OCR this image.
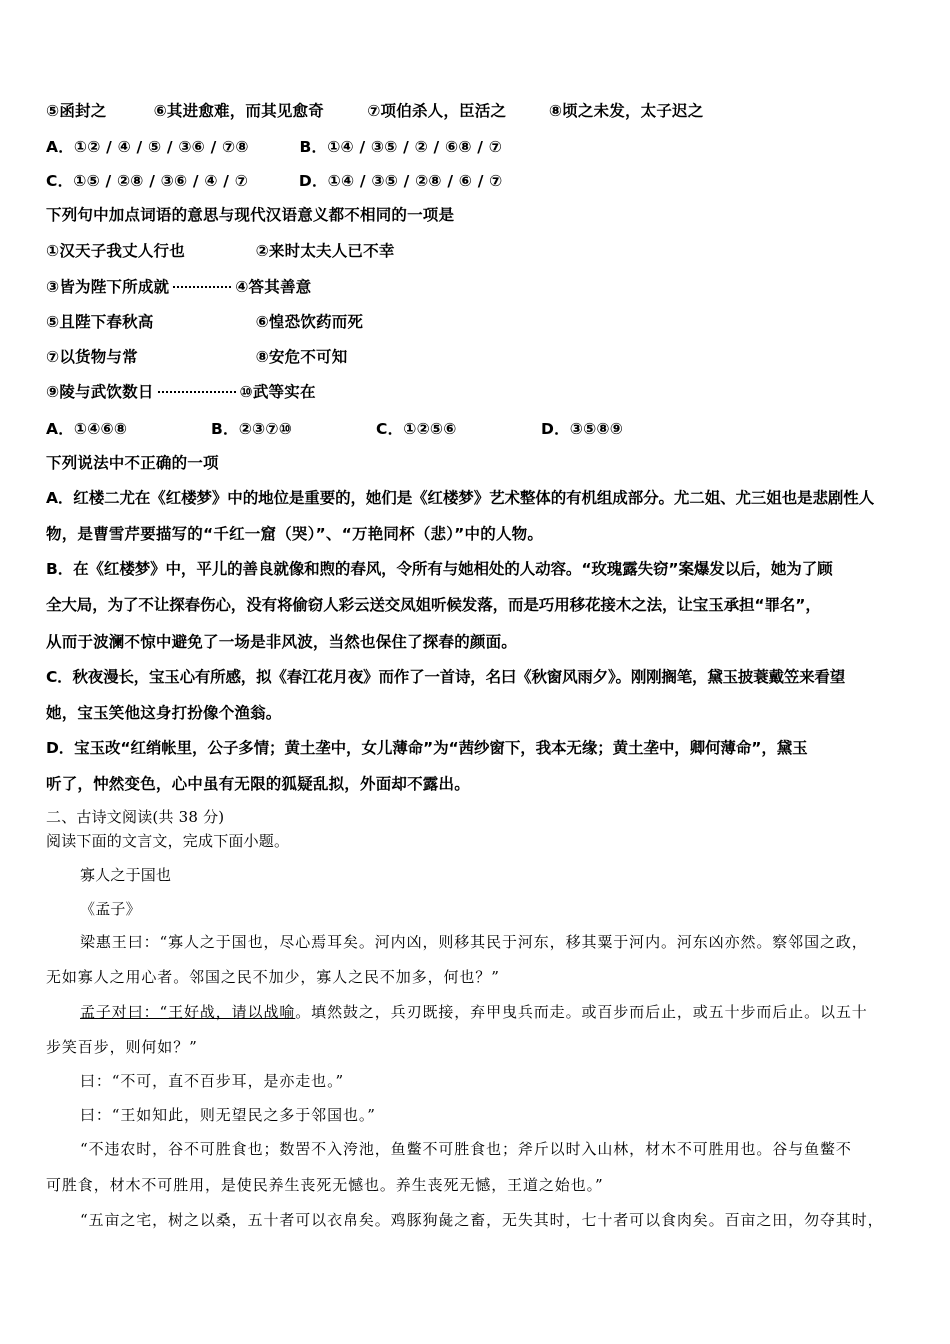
⑤函封之	⑥其进愈难，而其见愈奇	⑦项伯杀人，臣活之	⑧顷之未发，太子迟之
A．①② / ④ / ⑤ / ③⑥ / ⑦⑧	B．①④ / ③⑤ / ② / ⑥⑧ / ⑦
C．①⑤ / ②⑧ / ③⑥ / ④ / ⑦	D．①④ / ③⑤ / ②⑧ / ⑥ / ⑦
下列句中加点词语的意思与现代汉语意义都不相同的一项是
①汉天子我丈人行也	②来时太夫人已不幸
③皆为陛下所成就	④答其善意
⑤且陛下春秋高	⑥惶恐饮药而死
⑦以货物与常	⑧安危不可知
⑨陵与武饮数日	⑩武等实在
A．①④⑥⑧	B．②③⑦⑩	C．①②⑤⑥	D．③⑤⑧⑨
下列说法中不正确的一项
A．红楼二尤在《红楼梦》中的地位是重要的，她们是《红楼梦》艺术整体的有机组成部分。尤二姐、尤三姐也是悲剧性人
物，是曹雪芹要描写的“千红一窟（哭）”、“万艳同杯（悲）”中的人物。
B．在《红楼梦》中，平儿的善良就像和煦的春风，令所有与她相处的人动容。“玫瑰露失窃”案爆发以后，她为了顾
全大局，为了不让探春伤心，没有将偷窃人彩云送交凤姐听候发落，而是巧用移花接木之法，让宝玉承担“罪名”，
从而于波澜不惊中避免了一场是非风波，当然也保住了探春的颜面。
C．秋夜漫长，宝玉心有所感，拟《春江花月夜》而作了一首诗，名曰《秋窗风雨夕》。刚刚搁笔，黛玉披蓑戴笠来看望
她，宝玉笑他这身打扮像个渔翁。
D．宝玉改“红绡帐里，公子多情；黄土垄中，女儿薄命”为“茜纱窗下，我本无缘；黄土垄中，卿何薄命”，黛玉
听了，忡然变色，心中虽有无限的狐疑乱拟，外面却不露出。
二、古诗文阅读(共 38 分)
阅读下面的文言文，完成下面小题。
寡人之于国也
《孟子》
梁惠王曰：“寡人之于国也，尽心焉耳矣。河内凶，则移其民于河东，移其粟于河内。河东凶亦然。察邻国之政，
无如寡人之用心者。邻国之民不加少，寡人之民不加多，何也？”
孟子对曰：“王好战，请以战喻。填然鼓之，兵刃既接，弃甲曳兵而走。或百步而后止，或五十步而后止。以五十
步笑百步，则何如？”
曰：“不可，直不百步耳，是亦走也。”
曰：“王如知此，则无望民之多于邻国也。”
“不违农时，谷不可胜食也；数罟不入洿池，鱼鳖不可胜食也；斧斤以时入山林，材木不可胜用也。谷与鱼鳖不
可胜食，材木不可胜用，是使民养生丧死无憾也。养生丧死无憾，王道之始也。”
“五亩之宅，树之以桑，五十者可以衣帛矣。鸡豚狗彘之畜，无失其时，七十者可以食肉矣。百亩之田，勿夺其时，
